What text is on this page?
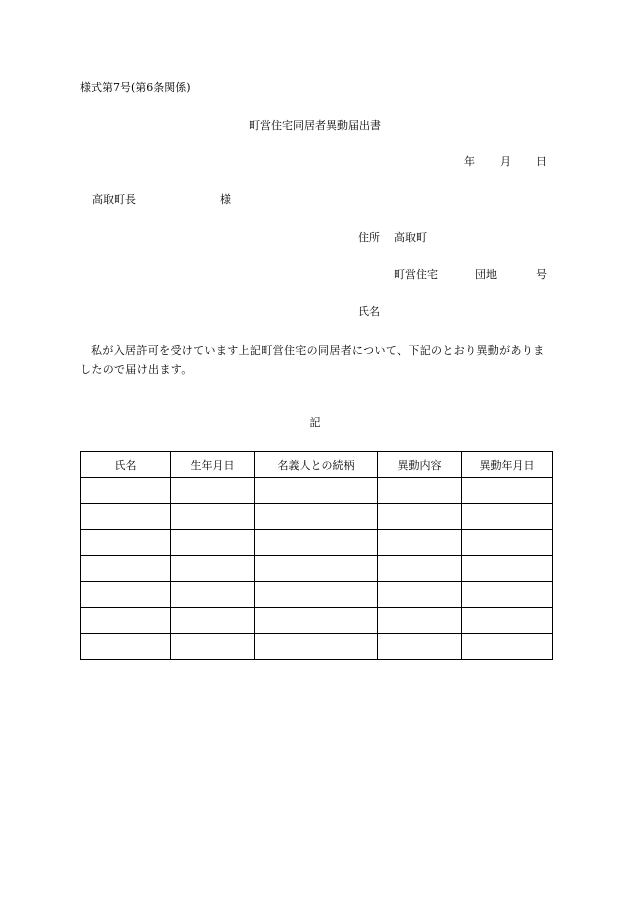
様式第7号(第6条関係)
町営住宅同居者異動届出書
年 月 日
高取町長	様
住所 高取町
町営住宅	団地	号
氏名
私が入居許可を受けています上記町営住宅の同居者について、下記のとおり異動がありましたので届け出ます。
記
氏名	生年月日	名義人との続柄	異動内容	異動年月日
